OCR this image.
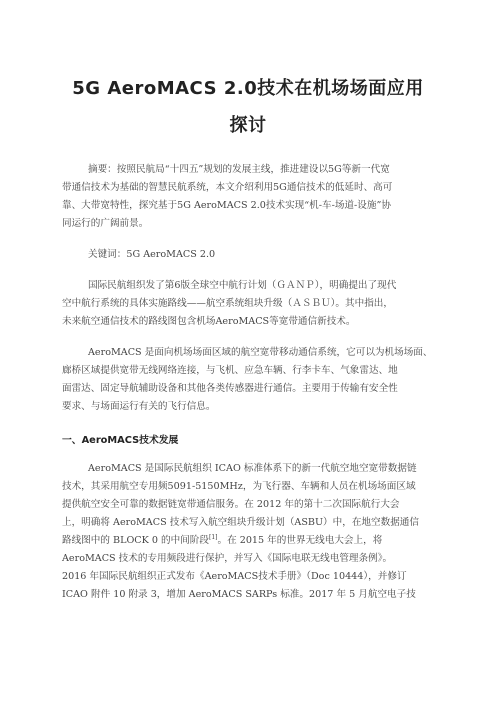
5G AeroMACS 2.0技术在机场场面应用
探讨
摘要：按照民航局“十四五”规划的发展主线，推进建设以5G等新一代宽
带通信技术为基础的智慧民航系统，本文介绍利用5G通信技术的低延时、高可
靠、大带宽特性，探究基于5G AeroMACS 2.0技术实现“机-车-场道-设施”协
同运行的广阔前景。
关键词：5G AeroMACS 2.0
国际民航组织发了第6版全球空中航行计划（ＧＡＮＰ），明确提出了现代
空中航行系统的具体实施路线——航空系统组块升级（ＡＳＢＵ）。其中指出，
未来航空通信技术的路线图包含机场AeroMACS等宽带通信新技术。
AeroMACS 是面向机场场面区域的航空宽带移动通信系统，它可以为机场场面、
廊桥区域提供宽带无线网络连接，与飞机、应急车辆、行李卡车、气象雷达、地
面雷达、固定导航辅助设备和其他各类传感器进行通信。主要用于传输有安全性
要求、与场面运行有关的飞行信息。
一、AeroMACS技术发展
AeroMACS 是国际民航组织 ICAO 标准体系下的新一代航空地空宽带数据链
技术，其采用航空专用频5091-5150MHz，为飞行器、车辆和人员在机场场面区域
提供航空安全可靠的数据链宽带通信服务。在 2012 年的第十二次国际航行大会
上，明确将 AeroMACS 技术写入航空组块升级计划（ASBU）中，在地空数据通信
路线图中的 BLOCK 0 的中间阶段[1]。在 2015 年的世界无线电大会上，将
AeroMACS 技术的专用频段进行保护，并写入《国际电联无线电管理条例》。
2016 年国际民航组织正式发布《AeroMACS技术手册》（Doc 10444），并修订
ICAO 附件 10 附录 3，增加 AeroMACS SARPs 标准。2017 年 5 月航空电子技
